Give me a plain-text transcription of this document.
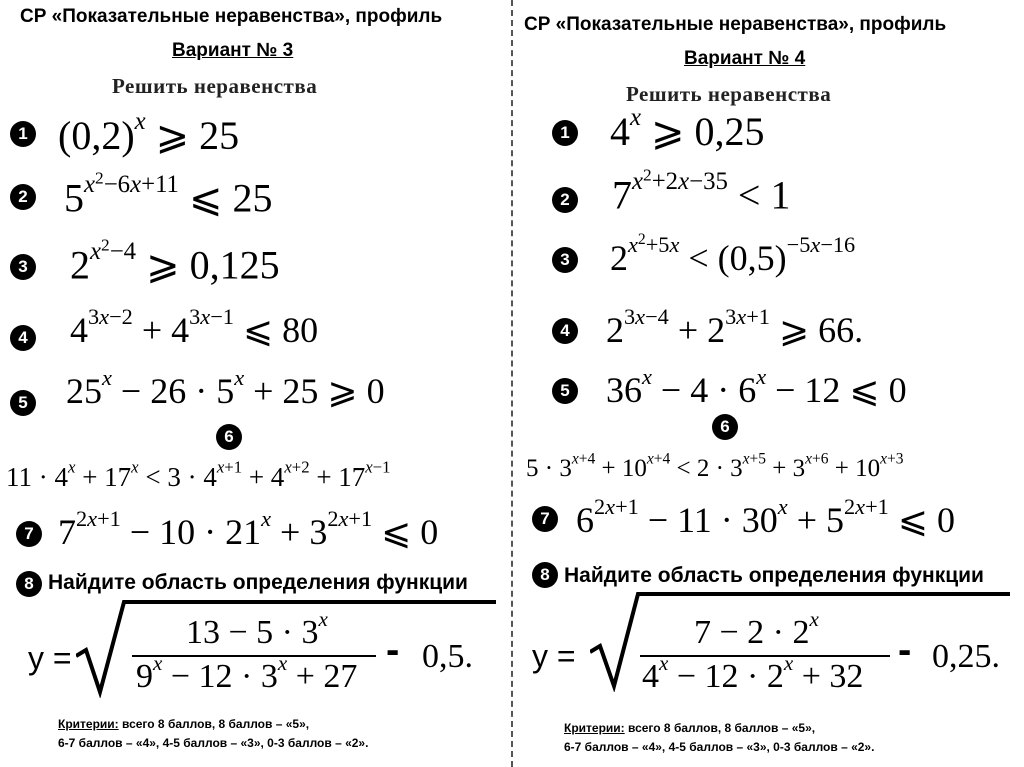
СР «Показательные неравенства», профиль
Вариант № 3
Решить неравенства
1 $(0,2)^x$ ⩾ 25
2 $5^{x^2-6x+11}$ ⩽ 25
3 $2^{x^2-4}$ ⩾ 0,125
4 $4^{3x-2} + 4^{3x-1}$ ⩽ 80
5 $25^x - 26 \cdot 5^x + 25$ ⩾ 0
6
$11 \cdot 4^x + 17^x < 3 \cdot 4^{x+1} + 4^{x+2} + 17^{x-1}$
7 $7^{2x+1} - 10 \cdot 21^x + 3^{2x+1}$ ⩽ 0
8 Найдите область определения функции
y =
$13 - 5 \cdot 3^x$
$9^x - 12 \cdot 3^x + 27$
- 0,5.
Критерии: всего 8 баллов, 8 баллов – «5»,
6-7 баллов – «4», 4-5 баллов – «3», 0-3 баллов – «2».
СР «Показательные неравенства», профиль
Вариант № 4
Решить неравенства
1 4$^x$ ⩾ 0,25
2 $7^{x^2+2x-35} < 1$
3 $2^{x^2+5x} < (0,5)^{-5x-16}$
4 $2^{3x-4} + 2^{3x+1}$ ⩾ 66.
5 $36^x - 4 \cdot 6^x - 12$ ⩽ 0
6
$5 \cdot 3^{x+4} + 10^{x+4} < 2 \cdot 3^{x+5} + 3^{x+6} + 10^{x+3}$
7 $6^{2x+1} - 11 \cdot 30^x + 5^{2x+1}$ ⩽ 0
8 Найдите область определения функции
y =
$7 - 2 \cdot 2^x$
$4^x - 12 \cdot 2^x + 32$
- 0,25.
Критерии: всего 8 баллов, 8 баллов – «5»,
6-7 баллов – «4», 4-5 баллов – «3», 0-3 баллов – «2».
